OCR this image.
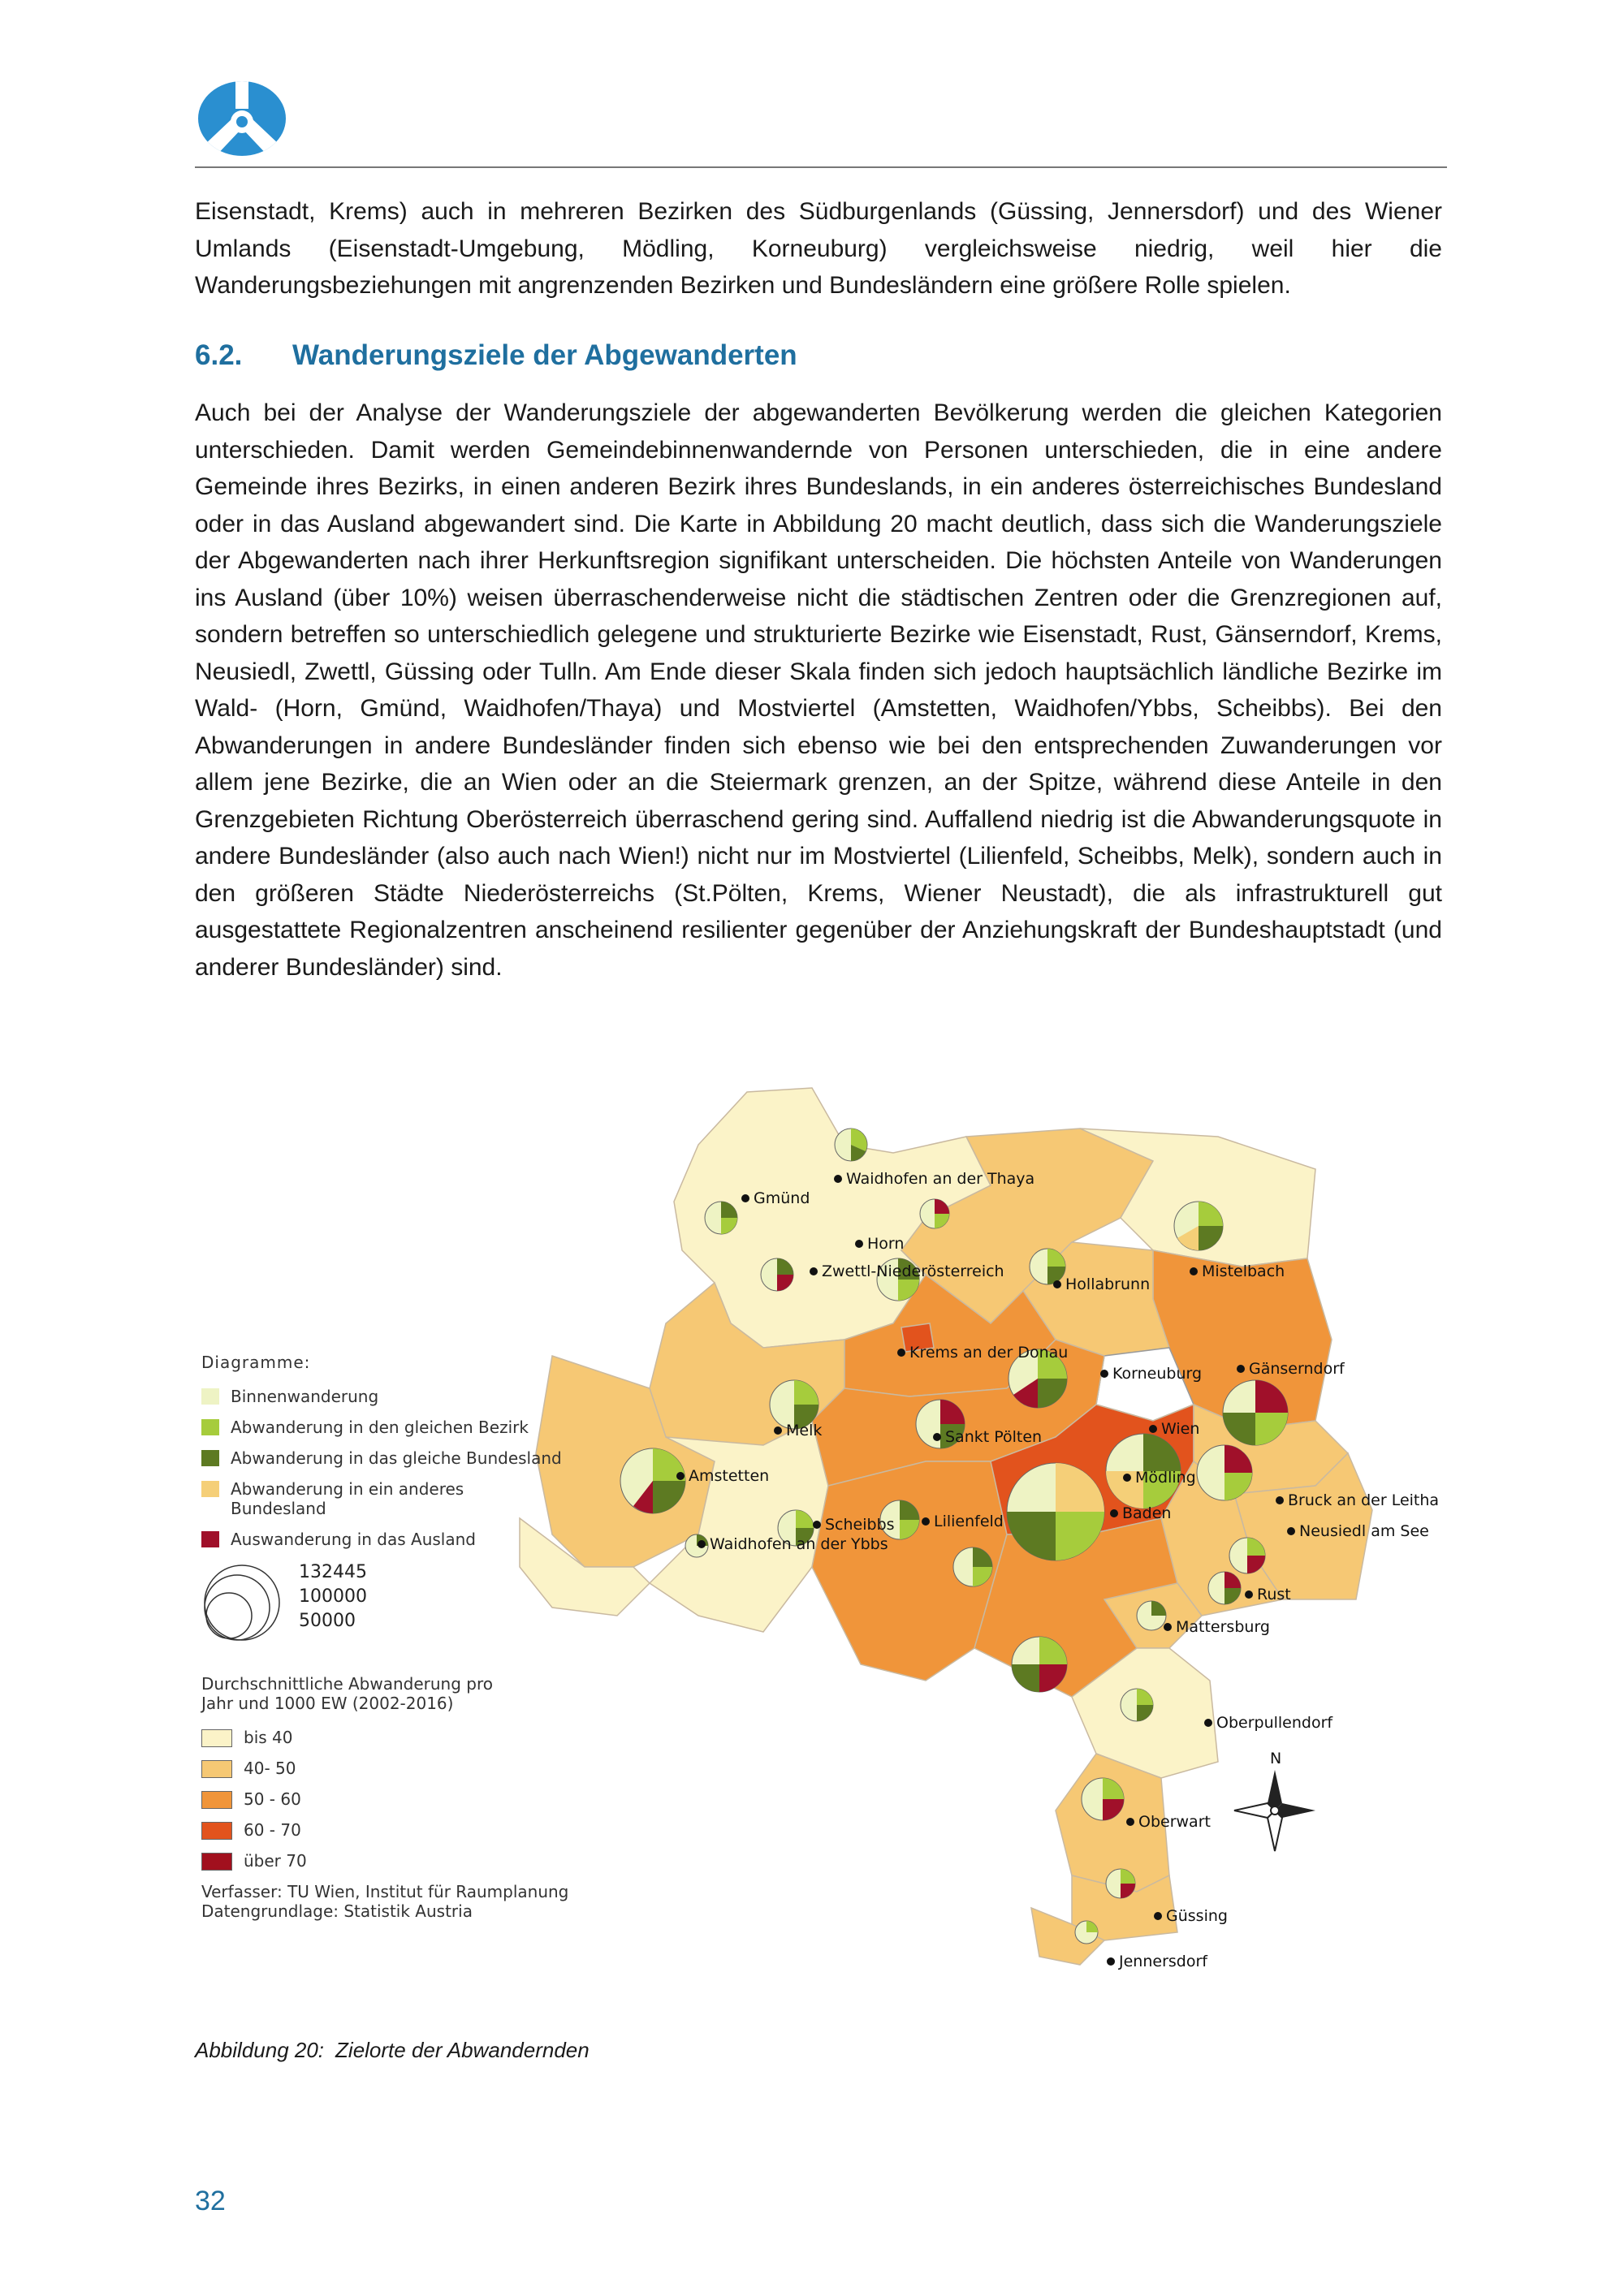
Eisenstadt, Krems) auch in mehreren Bezirken des Südburgenlands (Güssing, Jennersdorf) und des Wiener Umlands (Eisenstadt-Umgebung, Mödling, Korneuburg) vergleichsweise niedrig, weil hier die Wanderungsbeziehungen mit angrenzenden Bezirken und Bundesländern eine größere Rolle spielen.

6.2. Wanderungsziele der Abgewanderten

Auch bei der Analyse der Wanderungsziele der abgewanderten Bevölkerung werden die gleichen Kategorien unterschieden. Damit werden Gemeindebinnenwandernde von Personen unterschieden, die in eine andere Gemeinde ihres Bezirks, in einen anderen Bezirk ihres Bundeslands, in ein anderes österreichisches Bundesland oder in das Ausland abgewandert sind. Die Karte in Abbildung 20 macht deutlich, dass sich die Wanderungsziele der Abgewanderten nach ihrer Herkunftsregion signifikant unterscheiden. Die höchsten Anteile von Wanderungen ins Ausland (über 10%) weisen überraschenderweise nicht die städtischen Zentren oder die Grenzregionen auf, sondern betreffen so unterschiedlich gelegene und strukturierte Bezirke wie Eisenstadt, Rust, Gänserndorf, Krems, Neusiedl, Zwettl, Güssing oder Tulln. Am Ende dieser Skala finden sich jedoch hauptsächlich ländliche Bezirke im Wald- (Horn, Gmünd, Waidhofen/Thaya) und Mostviertel (Amstetten, Waidhofen/Ybbs, Scheibbs). Bei den Abwanderungen in andere Bundesländer finden sich ebenso wie bei den entsprechenden Zuwanderungen vor allem jene Bezirke, die an Wien oder an die Steiermark grenzen, an der Spitze, während diese Anteile in den Grenzgebieten Richtung Oberösterreich überraschend gering sind. Auffallend niedrig ist die Abwanderungsquote in andere Bundesländer (also auch nach Wien!) nicht nur im Mostviertel (Lilienfeld, Scheibbs, Melk), sondern auch in den größeren Städte Niederösterreichs (St.Pölten, Krems, Wiener Neustadt), die als infrastrukturell gut ausgestattete Regionalzentren anscheinend resilienter gegenüber der Anziehungskraft der Bundeshauptstadt (und anderer Bundesländer) sind.

Waidhofen an der Thaya
Gmünd
Horn
Zwettl-Niederösterreich
Hollabrunn
Mistelbach
Krems an der Donau
Korneuburg	Gänserndorf
Melk	Sankt Pölten	Wien
Amstetten	Mödling
Bruck an der Leitha
Scheibbs	Lilienfeld	Baden
Neusiedl am See
Waidhofen an der Ybbs
Rust
Mattersburg
Oberpullendorf
Oberwart
Güssing
Jennersdorf
N
Diagramme:
Binnenwanderung
Abwanderung in den gleichen Bezirk
Abwanderung in das gleiche Bundesland
Abwanderung in ein anderes Bundesland
Auswanderung in das Ausland
132445
100000
50000
Durchschnittliche Abwanderung pro Jahr und 1000 EW (2002-2016)
bis 40
40- 50
50 - 60
60 - 70
über 70
Verfasser: TU Wien, Institut für Raumplanung
Datengrundlage: Statistik Austria

Abbildung 20: Zielorte der Abwandernden

32
